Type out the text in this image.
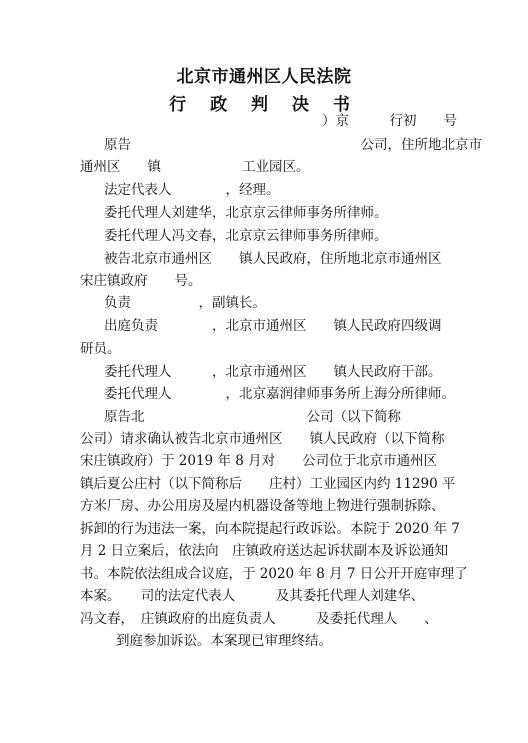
北京市通州区人民法院
行 政 判 决 书
）京　　　行初　　号
原告　　　　　　　　　　　　　　　　　公司，住所地北京市
通州区　　镇　　　　　　工业园区。
法定代表人　　　　，经理。
委托代理人刘建华，北京京云律师事务所律师。
委托代理人冯文春，北京京云律师事务所律师。
被告北京市通州区　　镇人民政府，住所地北京市通州区
宋庄镇政府　　号。
负责　　　　　，副镇长。
出庭负责　　　　，北京市通州区　　镇人民政府四级调
研员。
委托代理人　　　，北京市通州区　　镇人民政府干部。
委托代理人　　　　，北京嘉润律师事务所上海分所律师。
原告北　　　　　　　　　　　　公司（以下简称
公司）请求确认被告北京市通州区　　镇人民政府（以下简称
宋庄镇政府）于 2019 年 8 月对　　公司位于北京市通州区
镇后夏公庄村（以下简称后　　庄村）工业园区内约 11290 平
方米厂房、办公用房及屋内机器设备等地上物进行强制拆除、
拆卸的行为违法一案，向本院提起行政诉讼。本院于 2020 年 7
月 2 日立案后，依法向　庄镇政府送达起诉状副本及诉讼通知
书。本院依法组成合议庭，于 2020 年 8 月 7 日公开开庭审理了
本案。　　司的法定代表人　　　及其委托代理人刘建华、
冯文春，　庄镇政府的出庭负责人　　　及委托代理人　　、
到庭参加诉讼。本案现已审理终结。
